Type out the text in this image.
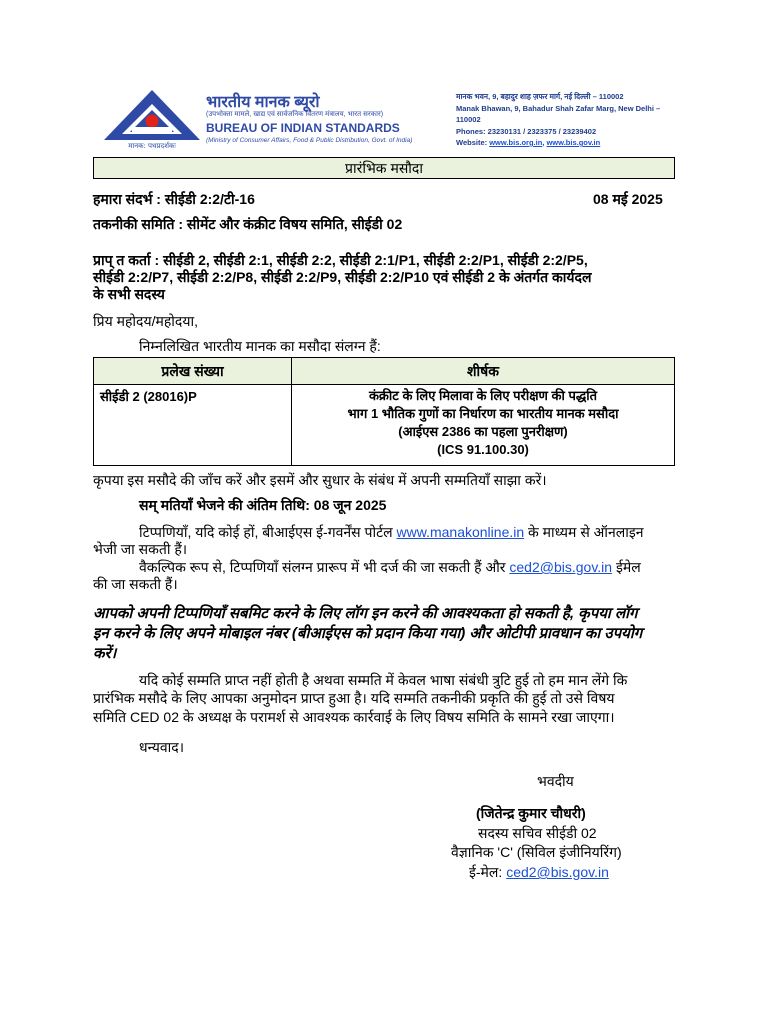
मानक: पथप्रदर्शकः
भारतीय मानक ब्यूरो
(उपभोक्ता मामले, खाद्य एवं सार्वजनिक वितरण मंत्रालय, भारत सरकार)
BUREAU OF INDIAN STANDARDS
(Ministry of Consumer Affairs, Food & Public Distribution, Govt. of India)
मानक भवन, 9, बहादुर शाह ज़फर मार्ग, नई दिल्ली – 110002
Manak Bhawan, 9, Bahadur Shah Zafar Marg, New Delhi – 110002
Phones: 23230131 / 2323375 / 23239402
Website: www.bis.org.in, www.bis.gov.in
प्रारंभिक मसौदा
हमारा संदर्भ : सीईडी 2:2/टी-16	08 मई 2025
तकनीकी समिति : सीमेंट और कंक्रीट विषय समिति, सीईडी 02
प्राप् त कर्ता : सीईडी 2, सीईडी 2:1, सीईडी 2:2, सीईडी 2:1/P1, सीईडी 2:2/P1, सीईडी 2:2/P5,
सीईडी 2:2/P7, सीईडी 2:2/P8, सीईडी 2:2/P9, सीईडी 2:2/P10 एवं सीईडी 2 के अंतर्गत कार्यदल
के सभी सदस्य
प्रिय महोदय/महोदया,
निम्नलिखित भारतीय मानक का मसौदा संलग्न हैं:
प्रलेख संख्या	शीर्षक
सीईडी 2 (28016)P	कंक्रीट के लिए मिलावा के लिए परीक्षण की पद्धति
भाग 1 भौतिक गुणों का निर्धारण का भारतीय मानक मसौदा
(आईएस 2386 का पहला पुनरीक्षण)
(ICS 91.100.30)
कृपया इस मसौदे की जाँच करें और इसमें और सुधार के संबंध में अपनी सम्मतियाँ साझा करें।
सम् मतियाँ भेजने की अंतिम तिथि: 08 जून 2025
टिप्पणियाँ, यदि कोई हों, बीआईएस ई-गवर्नेंस पोर्टल www.manakonline.in के माध्यम से ऑनलाइन
भेजी जा सकती हैं।
वैकल्पिक रूप से, टिप्पणियाँ संलग्न प्रारूप में भी दर्ज की जा सकती हैं और ced2@bis.gov.in ईमेल
की जा सकती हैं।
आपको अपनी टिप्पणियाँ सबमिट करने के लिए लॉग इन करने की आवश्यकता हो सकती है, कृपया लॉग
इन करने के लिए अपने मोबाइल नंबर (बीआईएस को प्रदान किया गया) और ओटीपी प्रावधान का उपयोग
करें।
यदि कोई सम्मति प्राप्त नहीं होती है अथवा सम्मति में केवल भाषा संबंधी त्रुटि हुई तो हम मान लेंगे कि
प्रारंभिक मसौदे के लिए आपका अनुमोदन प्राप्त हुआ है। यदि सम्मति तकनीकी प्रकृति की हुई तो उसे विषय
समिति CED 02 के अध्यक्ष के परामर्श से आवश्यक कार्रवाई के लिए विषय समिति के सामने रखा जाएगा।
धन्यवाद।
भवदीय
(जितेन्द्र कुमार चौधरी)
सदस्य सचिव सीईडी 02
वैज्ञानिक 'C' (सिविल इंजीनियरिंग)
ई-मेल: ced2@bis.gov.in
